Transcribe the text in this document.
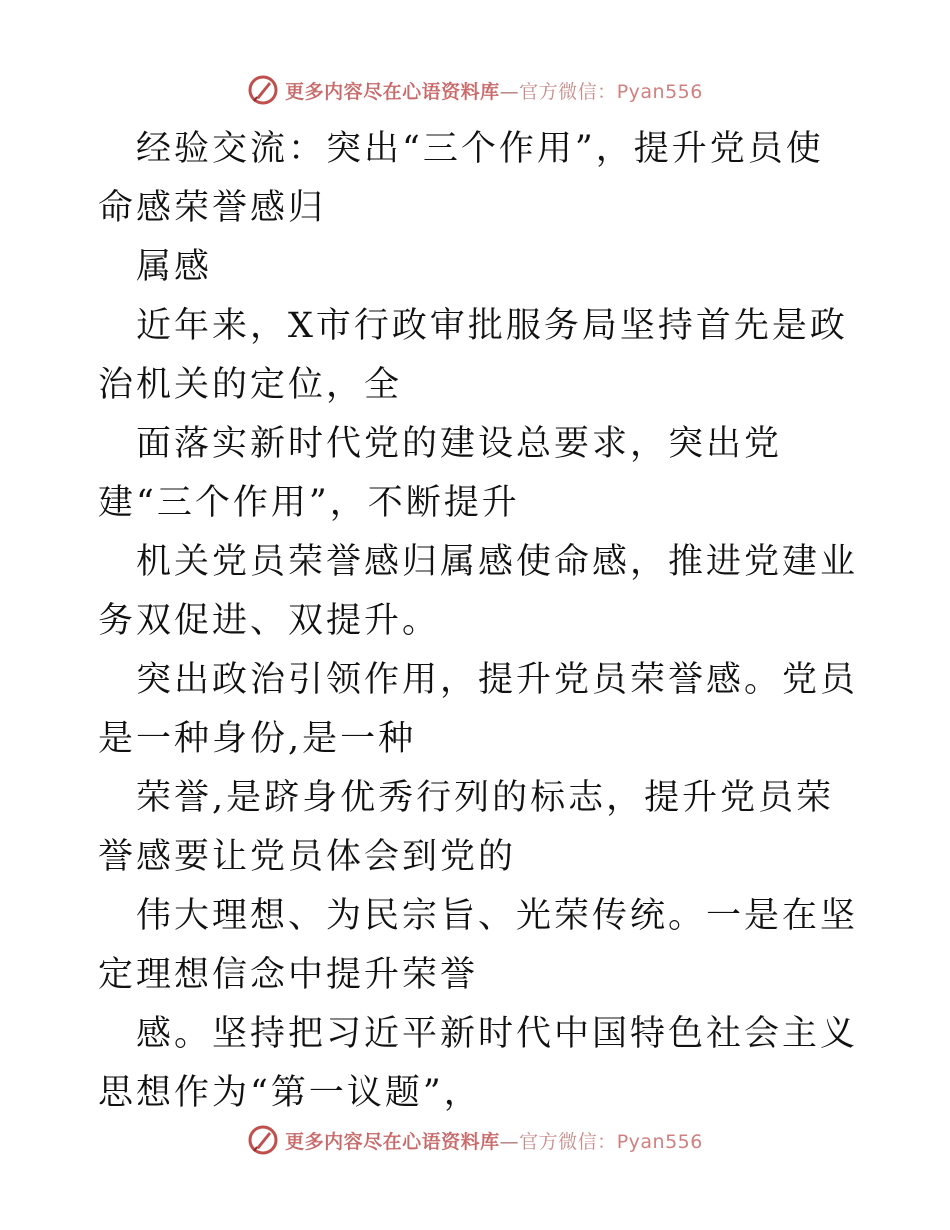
更多内容尽在心语资料库—官方微信：Pyan556

经验交流：突出“三个作用”，提升党员使命感荣誉感归

属感

近年来，X市行政审批服务局坚持首先是政治机关的定位，全

面落实新时代党的建设总要求，突出党建“三个作用”，不断提升

机关党员荣誉感归属感使命感，推进党建业务双促进、双提升。

突出政治引领作用，提升党员荣誉感。党员是一种身份,是一种

荣誉,是跻身优秀行列的标志，提升党员荣誉感要让党员体会到党的

伟大理想、为民宗旨、光荣传统。一是在坚定理想信念中提升荣誉

感。坚持把习近平新时代中国特色社会主义思想作为“第一议题”，

更多内容尽在心语资料库—官方微信：Pyan556
